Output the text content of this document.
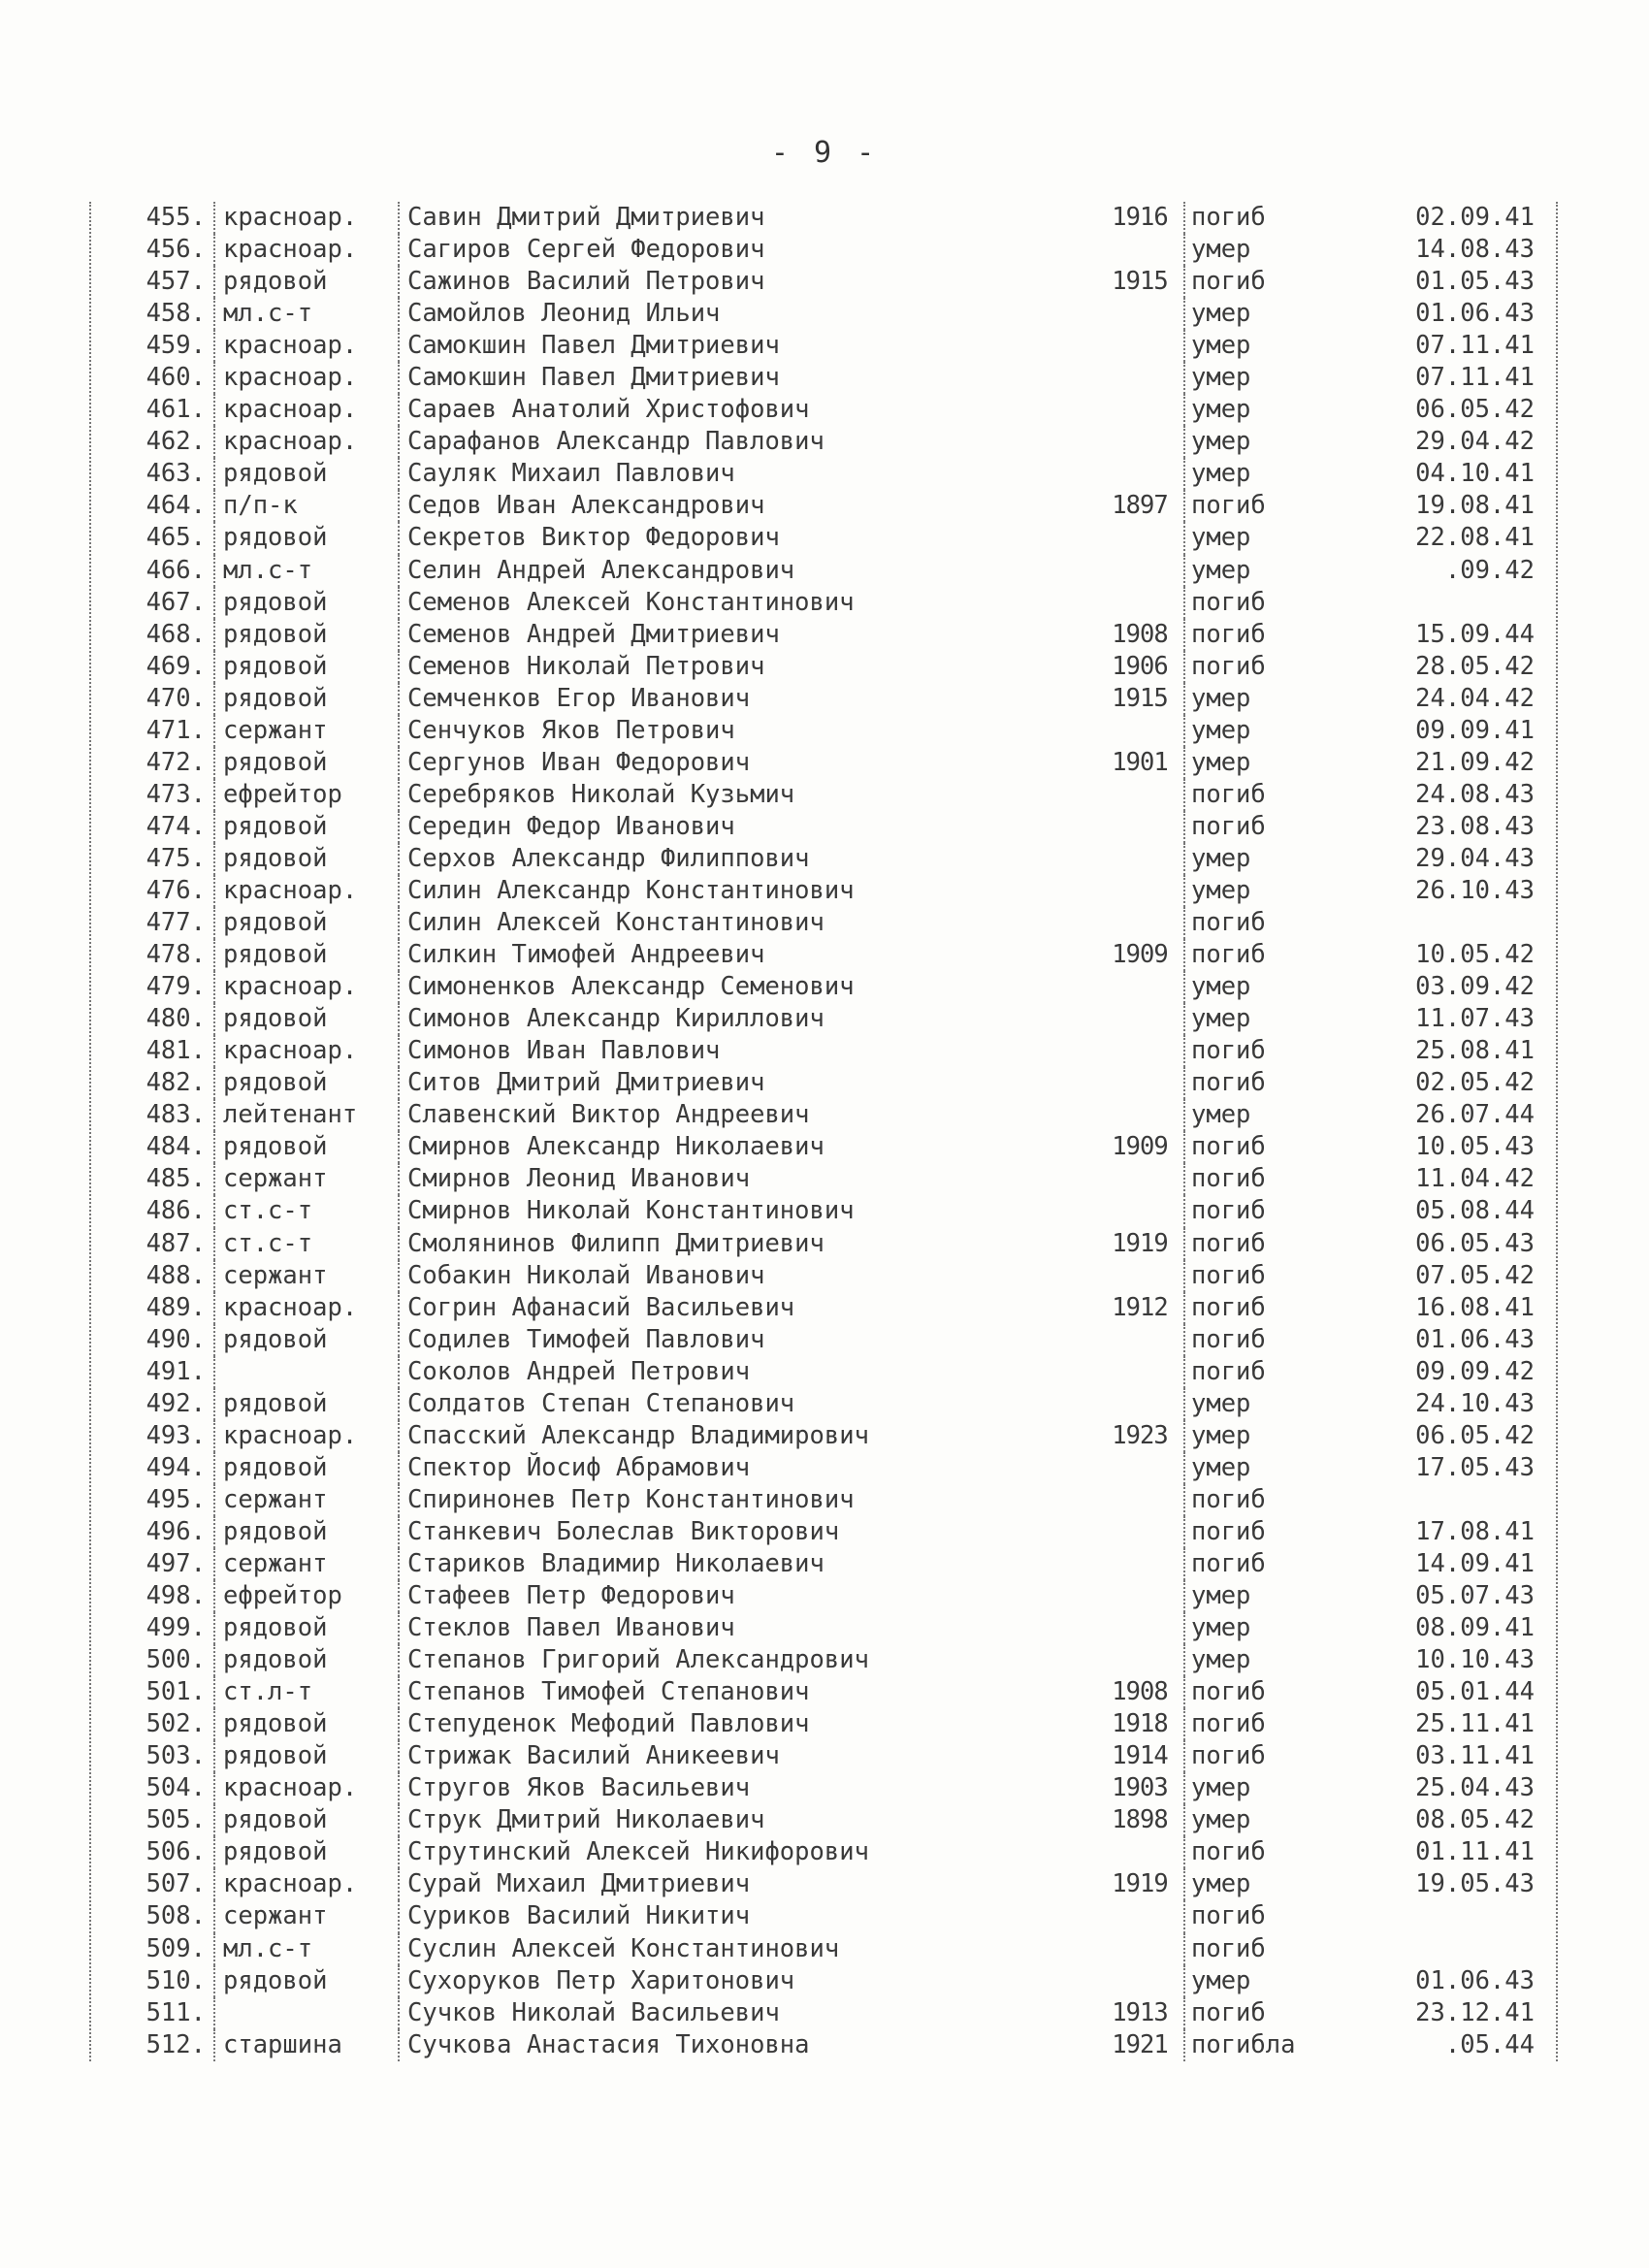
- 9 -
455. красноар.	Савин Дмитрий Дмитриевич	1916 погиб	02.09.41
456. красноар.	Сагиров Сергей Федорович	умер	14.08.43
457. рядовой	Сажинов Василий Петрович	1915 погиб	01.05.43
458. мл.с-т	Самойлов Леонид Ильич	умер	01.06.43
459. красноар.	Самокшин Павел Дмитриевич	умер	07.11.41
460. красноар.	Самокшин Павел Дмитриевич	умер	07.11.41
461. красноар.	Сараев Анатолий Христофович	умер	06.05.42
462. красноар.	Сарафанов Александр Павлович	умер	29.04.42
463. рядовой	Сауляк Михаил Павлович	умер	04.10.41
464. п/п-к	Седов Иван Александрович	1897 погиб	19.08.41
465. рядовой	Секретов Виктор Федорович	умер	22.08.41
466. мл.с-т	Селин Андрей Александрович	умер	.09.42
467. рядовой	Семенов Алексей Константинович	погиб
468. рядовой	Семенов Андрей Дмитриевич	1908 погиб	15.09.44
469. рядовой	Семенов Николай Петрович	1906 погиб	28.05.42
470. рядовой	Семченков Егор Иванович	1915 умер	24.04.42
471. сержант	Сенчуков Яков Петрович	умер	09.09.41
472. рядовой	Сергунов Иван Федорович	1901 умер	21.09.42
473. ефрейтор	Серебряков Николай Кузьмич	погиб	24.08.43
474. рядовой	Середин Федор Иванович	погиб	23.08.43
475. рядовой	Серхов Александр Филиппович	умер	29.04.43
476. красноар.	Силин Александр Константинович	умер	26.10.43
477. рядовой	Силин Алексей Константинович	погиб
478. рядовой	Силкин Тимофей Андреевич	1909 погиб	10.05.42
479. красноар.	Симоненков Александр Семенович	умер	03.09.42
480. рядовой	Симонов Александр Кириллович	умер	11.07.43
481. красноар.	Симонов Иван Павлович	погиб	25.08.41
482. рядовой	Ситов Дмитрий Дмитриевич	погиб	02.05.42
483. лейтенант	Славенский Виктор Андреевич	умер	26.07.44
484. рядовой	Смирнов Александр Николаевич	1909 погиб	10.05.43
485. сержант	Смирнов Леонид Иванович	погиб	11.04.42
486. ст.с-т	Смирнов Николай Константинович	погиб	05.08.44
487. ст.с-т	Смолянинов Филипп Дмитриевич	1919 погиб	06.05.43
488. сержант	Собакин Николай Иванович	погиб	07.05.42
489. красноар.	Согрин Афанасий Васильевич	1912 погиб	16.08.41
490. рядовой	Содилев Тимофей Павлович	погиб	01.06.43
491.	Соколов Андрей Петрович	погиб	09.09.42
492. рядовой	Солдатов Степан Степанович	умер	24.10.43
493. красноар.	Спасский Александр Владимирович	1923 умер	06.05.42
494. рядовой	Спектор Йосиф Абрамович	умер	17.05.43
495. сержант	Спиринонев Петр Константинович	погиб
496. рядовой	Станкевич Болеслав Викторович	погиб	17.08.41
497. сержант	Стариков Владимир Николаевич	погиб	14.09.41
498. ефрейтор	Стафеев Петр Федорович	умер	05.07.43
499. рядовой	Стеклов Павел Иванович	умер	08.09.41
500. рядовой	Степанов Григорий Александрович	умер	10.10.43
501. ст.л-т	Степанов Тимофей Степанович	1908 погиб	05.01.44
502. рядовой	Степуденок Мефодий Павлович	1918 погиб	25.11.41
503. рядовой	Стрижак Василий Аникеевич	1914 погиб	03.11.41
504. красноар.	Стругов Яков Васильевич	1903 умер	25.04.43
505. рядовой	Струк Дмитрий Николаевич	1898 умер	08.05.42
506. рядовой	Струтинский Алексей Никифорович	погиб	01.11.41
507. красноар.	Сурай Михаил Дмитриевич	1919 умер	19.05.43
508. сержант	Суриков Василий Никитич	погиб
509. мл.с-т	Суслин Алексей Константинович	погиб
510. рядовой	Сухоруков Петр Харитонович	умер	01.06.43
511.	Сучков Николай Васильевич	1913 погиб	23.12.41
512. старшина	Сучкова Анастасия Тихоновна	1921 погибла	.05.44
